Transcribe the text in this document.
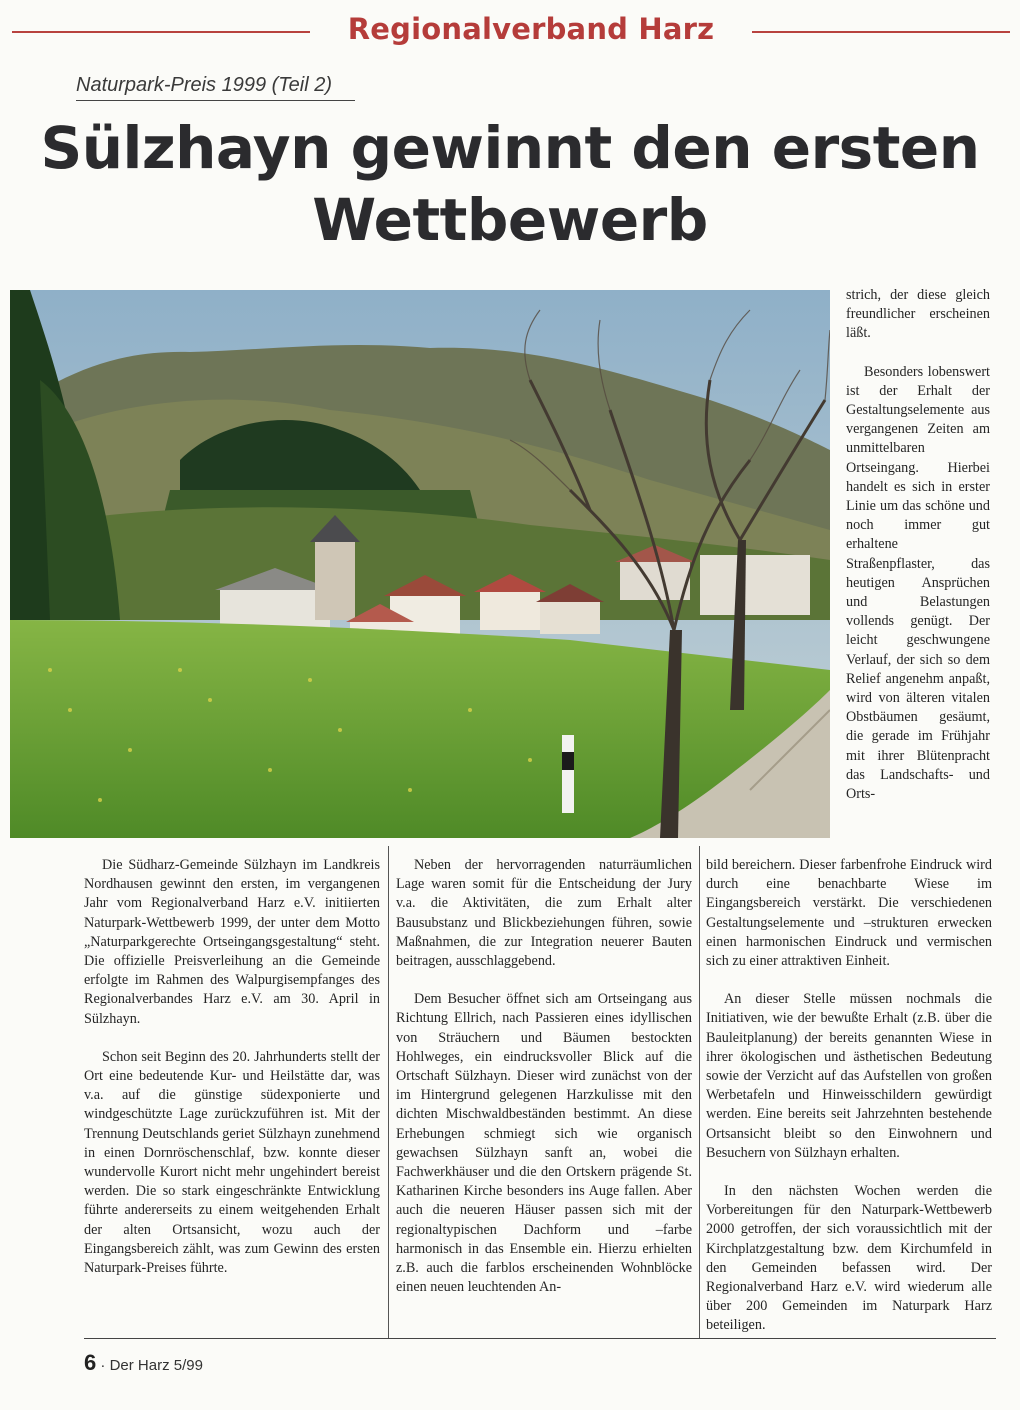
Regionalverband Harz
Naturpark-Preis 1999 (Teil 2)
Sülzhayn gewinnt den ersten Wettbewerb

strich, der diese gleich freundlicher erscheinen läßt.

Besonders lobenswert ist der Erhalt der Gestaltungselemente aus vergangenen Zeiten am unmittelbaren Ortseingang. Hierbei handelt es sich in erster Linie um das schöne und noch immer gut erhaltene Straßenpflaster, das heutigen Ansprüchen und Belastungen vollends genügt. Der leicht geschwungene Verlauf, der sich so dem Relief angenehm anpaßt, wird von älteren vitalen Obstbäumen gesäumt, die gerade im Frühjahr mit ihrer Blütenpracht das Landschafts- und Orts-

Die Südharz-Gemeinde Sülzhayn im Landkreis Nordhausen gewinnt den ersten, im vergangenen Jahr vom Regionalverband Harz e.V. initiierten Naturpark-Wettbewerb 1999, der unter dem Motto „Naturparkgerechte Ortseingangsgestaltung“ steht. Die offizielle Preisverleihung an die Gemeinde erfolgte im Rahmen des Walpurgisempfanges des Regionalverbandes Harz e.V. am 30. April in Sülzhayn.

Schon seit Beginn des 20. Jahrhunderts stellt der Ort eine bedeutende Kur- und Heilstätte dar, was v.a. auf die günstige südexponierte und windgeschützte Lage zurückzuführen ist. Mit der Trennung Deutschlands geriet Sülzhayn zunehmend in einen Dornröschenschlaf, bzw. konnte dieser wundervolle Kurort nicht mehr ungehindert bereist werden. Die so stark eingeschränkte Entwicklung führte andererseits zu einem weitgehenden Erhalt der alten Ortsansicht, wozu auch der Eingangsbereich zählt, was zum Gewinn des ersten Naturpark-Preises führte.

Neben der hervorragenden naturräumlichen Lage waren somit für die Entscheidung der Jury v.a. die Aktivitäten, die zum Erhalt alter Bausubstanz und Blickbeziehungen führen, sowie Maßnahmen, die zur Integration neuerer Bauten beitragen, ausschlaggebend.

Dem Besucher öffnet sich am Ortseingang aus Richtung Ellrich, nach Passieren eines idyllischen von Sträuchern und Bäumen bestockten Hohlweges, ein eindrucksvoller Blick auf die Ortschaft Sülzhayn. Dieser wird zunächst von der im Hintergrund gelegenen Harzkulisse mit den dichten Mischwaldbeständen bestimmt. An diese Erhebungen schmiegt sich wie organisch gewachsen Sülzhayn sanft an, wobei die Fachwerkhäuser und die den Ortskern prägende St. Katharinen Kirche besonders ins Auge fallen. Aber auch die neueren Häuser passen sich mit der regionaltypischen Dachform und –farbe harmonisch in das Ensemble ein. Hierzu erhielten z.B. auch die farblos erscheinenden Wohnblöcke einen neuen leuchtenden An-

bild bereichern. Dieser farbenfrohe Eindruck wird durch eine benachbarte Wiese im Eingangsbereich verstärkt. Die verschiedenen Gestaltungselemente und –strukturen erwecken einen harmonischen Eindruck und vermischen sich zu einer attraktiven Einheit.

An dieser Stelle müssen nochmals die Initiativen, wie der bewußte Erhalt (z.B. über die Bauleitplanung) der bereits genannten Wiese in ihrer ökologischen und ästhetischen Bedeutung sowie der Verzicht auf das Aufstellen von großen Werbetafeln und Hinweisschildern gewürdigt werden. Eine bereits seit Jahrzehnten bestehende Ortsansicht bleibt so den Einwohnern und Besuchern von Sülzhayn erhalten.

In den nächsten Wochen werden die Vorbereitungen für den Naturpark-Wettbewerb 2000 getroffen, der sich voraussichtlich mit der Kirchplatzgestaltung bzw. dem Kirchumfeld in den Gemeinden befassen wird. Der Regionalverband Harz e.V. wird wiederum alle über 200 Gemeinden im Naturpark Harz beteiligen.

6 · Der Harz 5/99
